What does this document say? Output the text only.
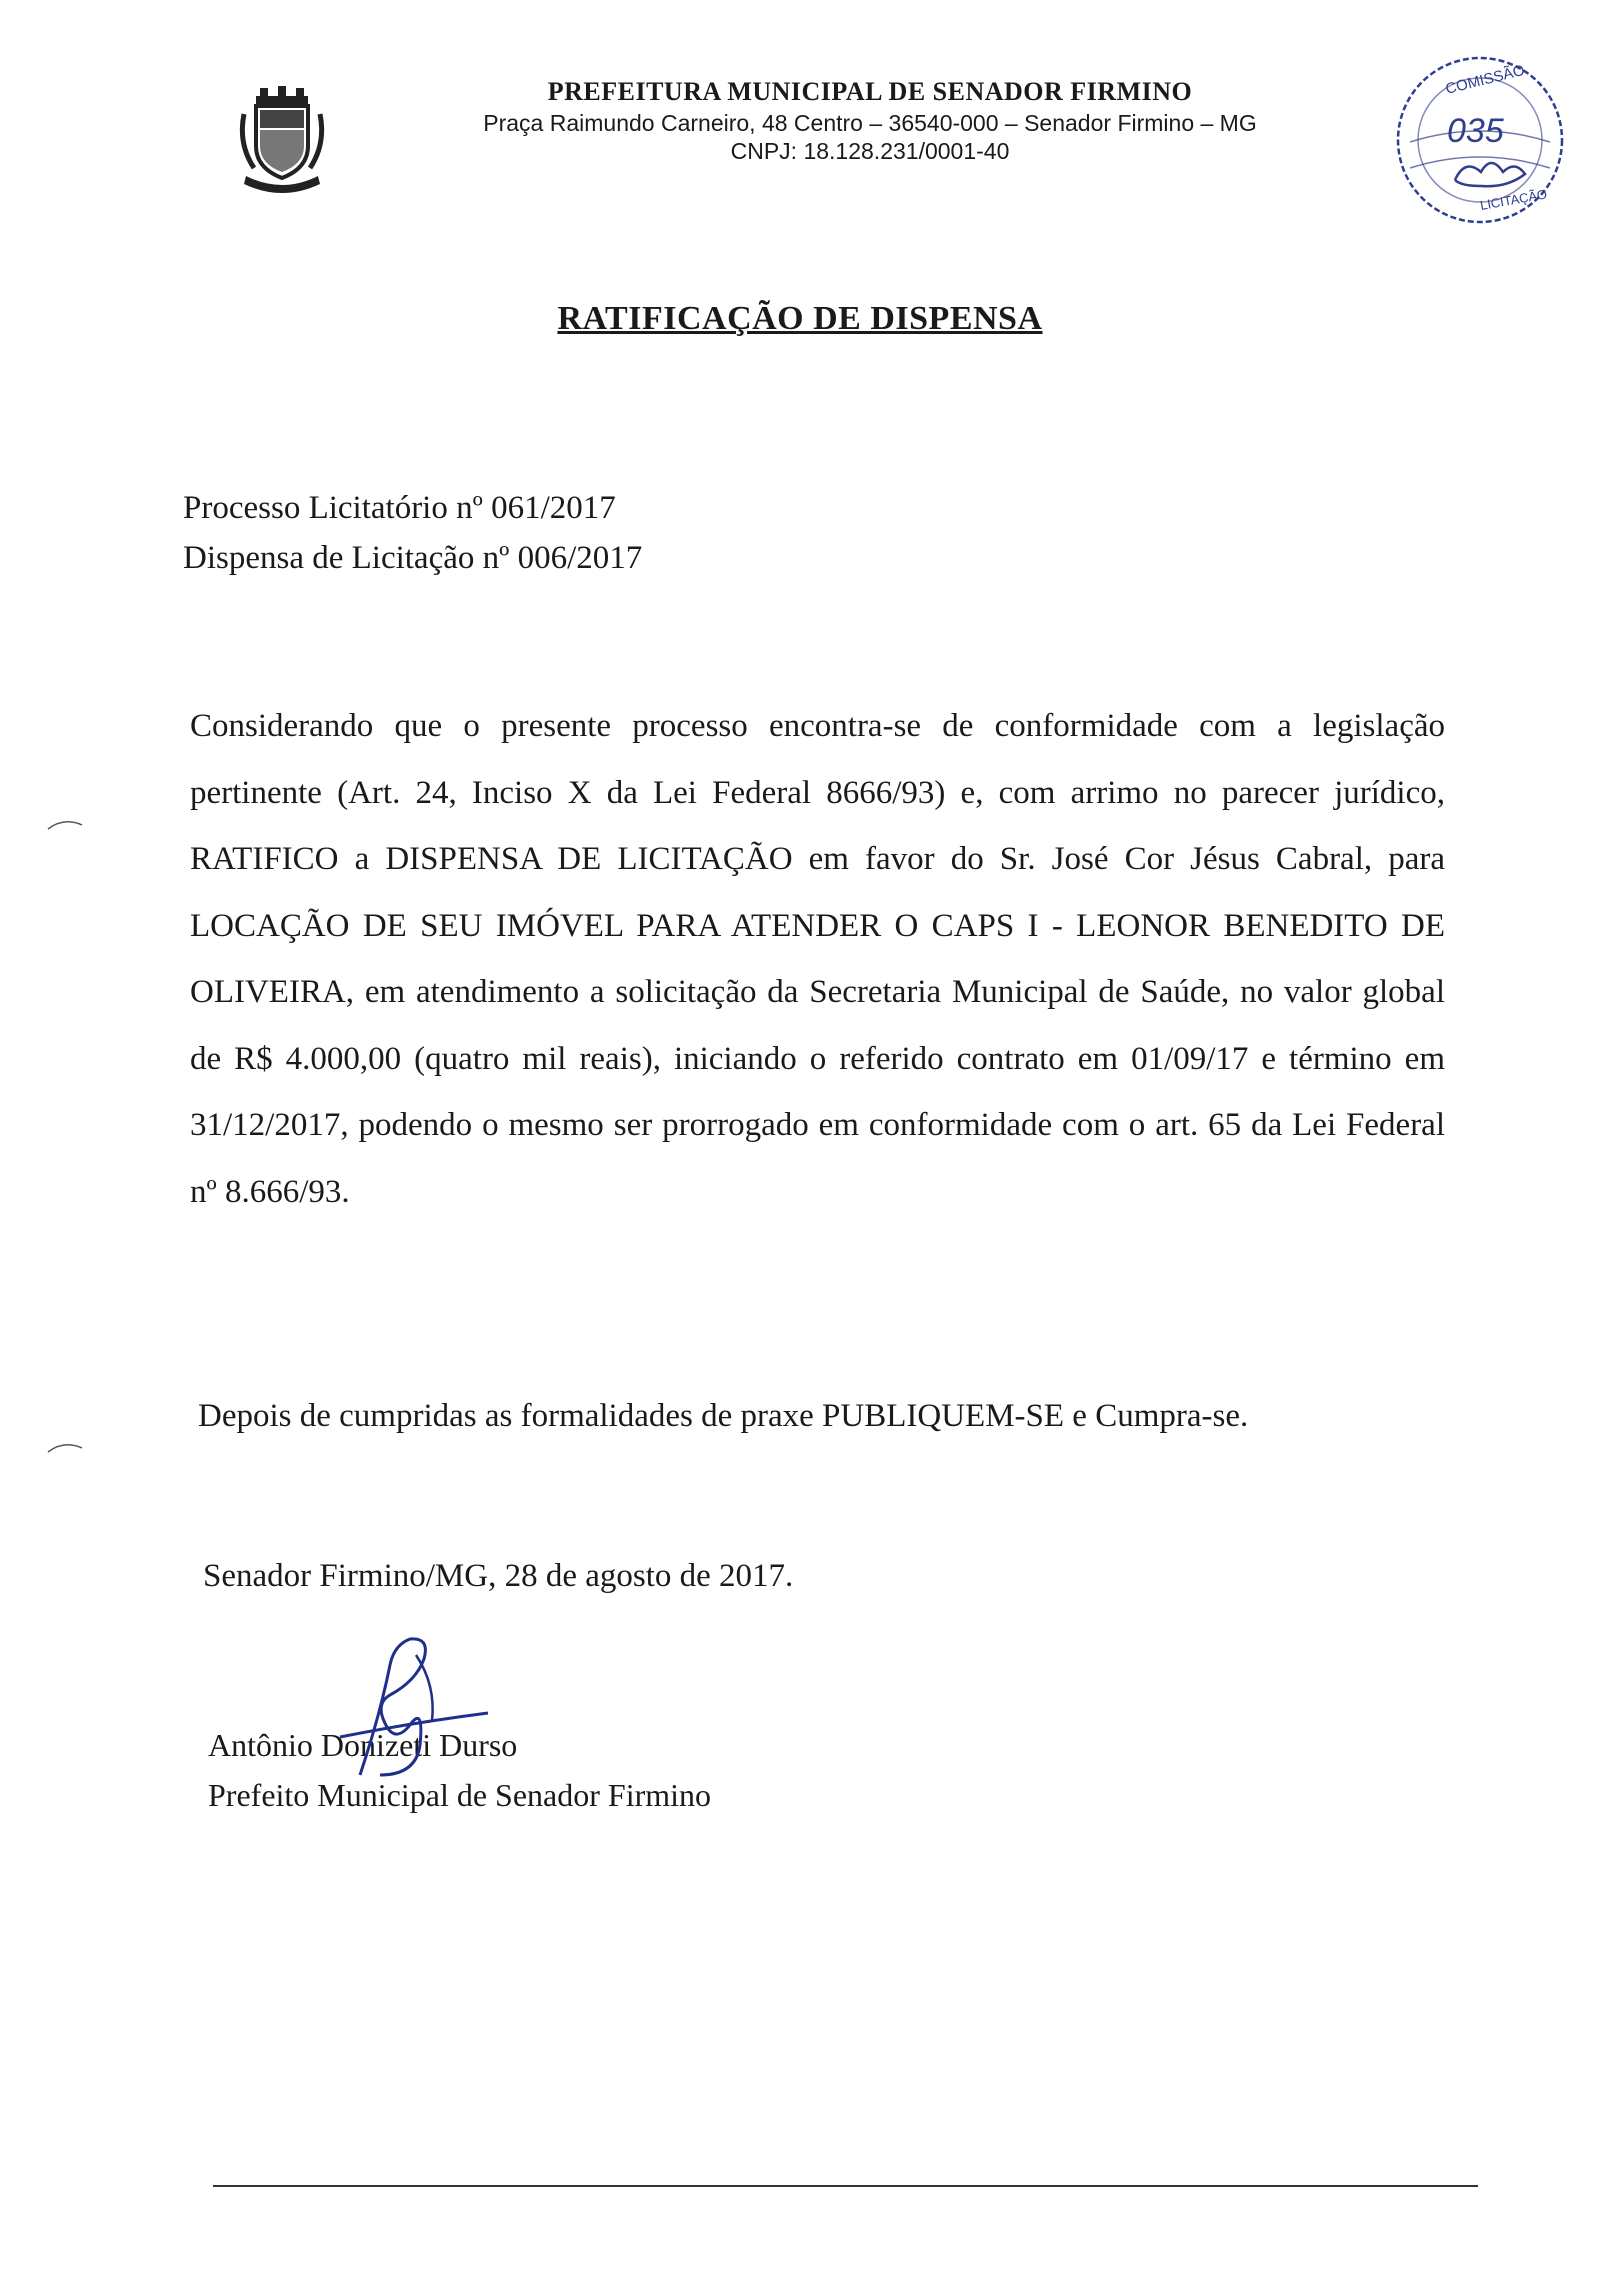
PREFEITURA MUNICIPAL DE SENADOR FIRMINO
Praça Raimundo Carneiro, 48 Centro – 36540-000 – Senador Firmino – MG
CNPJ: 18.128.231/0001-40
COMISSÃO
035
LICITAÇÃO
RATIFICAÇÃO DE DISPENSA
Processo Licitatório nº 061/2017
Dispensa de Licitação nº 006/2017
Considerando que o presente processo encontra-se de conformidade com a legislação pertinente (Art. 24, Inciso X da Lei Federal 8666/93) e, com arrimo no parecer jurídico, RATIFICO a DISPENSA DE LICITAÇÃO em favor do Sr. José Cor Jésus Cabral, para LOCAÇÃO DE SEU IMÓVEL PARA ATENDER O CAPS I - LEONOR BENEDITO DE OLIVEIRA, em atendimento a solicitação da Secretaria Municipal de Saúde, no valor global de R$ 4.000,00 (quatro mil reais), iniciando o referido contrato em 01/09/17 e término em 31/12/2017, podendo o mesmo ser prorrogado em conformidade com o art. 65 da Lei Federal nº 8.666/93.
Depois de cumpridas as formalidades de praxe PUBLIQUEM-SE e Cumpra-se.
Senador Firmino/MG, 28 de agosto de 2017.
Antônio Donizeti Durso
Prefeito Municipal de Senador Firmino
